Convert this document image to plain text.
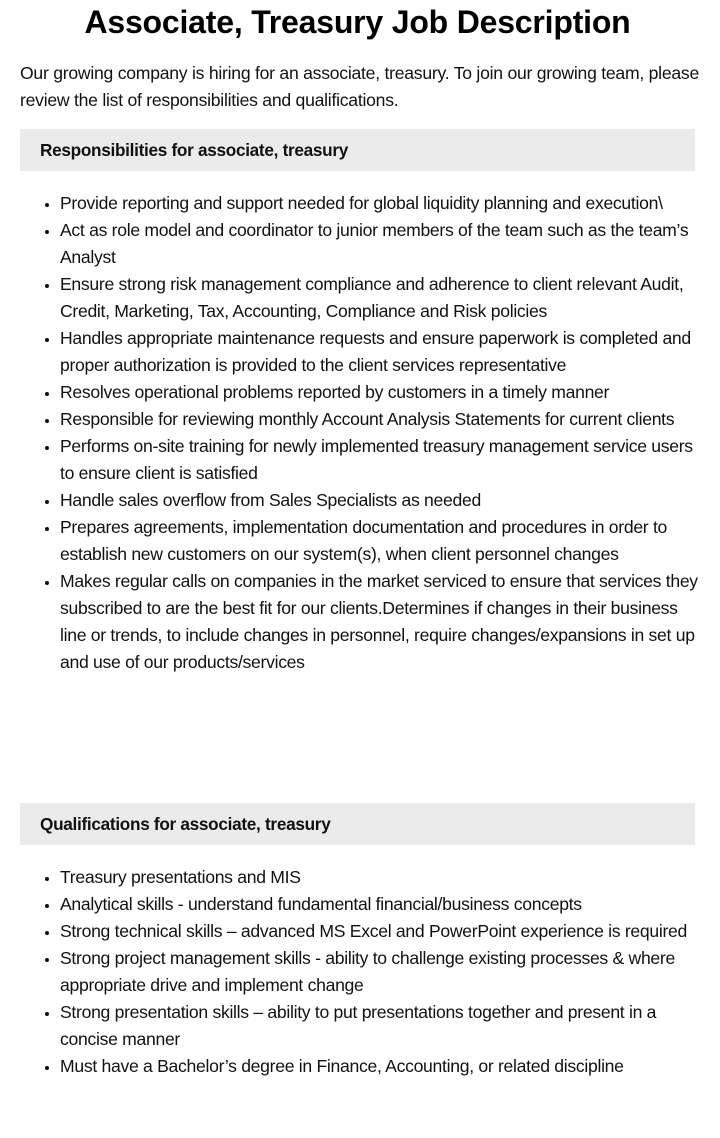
Associate, Treasury Job Description

Our growing company is hiring for an associate, treasury. To join our growing team, please review the list of responsibilities and qualifications.

Responsibilities for associate, treasury
• Provide reporting and support needed for global liquidity planning and execution\
• Act as role model and coordinator to junior members of the team such as the team’s Analyst
• Ensure strong risk management compliance and adherence to client relevant Audit, Credit, Marketing, Tax, Accounting, Compliance and Risk policies
• Handles appropriate maintenance requests and ensure paperwork is completed and proper authorization is provided to the client services representative
• Resolves operational problems reported by customers in a timely manner
• Responsible for reviewing monthly Account Analysis Statements for current clients
• Performs on-site training for newly implemented treasury management service users to ensure client is satisfied
• Handle sales overflow from Sales Specialists as needed
• Prepares agreements, implementation documentation and procedures in order to establish new customers on our system(s), when client personnel changes
• Makes regular calls on companies in the market serviced to ensure that services they subscribed to are the best fit for our clients.Determines if changes in their business line or trends, to include changes in personnel, require changes/expansions in set up and use of our products/services
Qualifications for associate, treasury
• Treasury presentations and MIS
• Analytical skills - understand fundamental financial/business concepts
• Strong technical skills – advanced MS Excel and PowerPoint experience is required
• Strong project management skills - ability to challenge existing processes & where appropriate drive and implement change
• Strong presentation skills – ability to put presentations together and present in a concise manner
• Must have a Bachelor’s degree in Finance, Accounting, or related discipline
